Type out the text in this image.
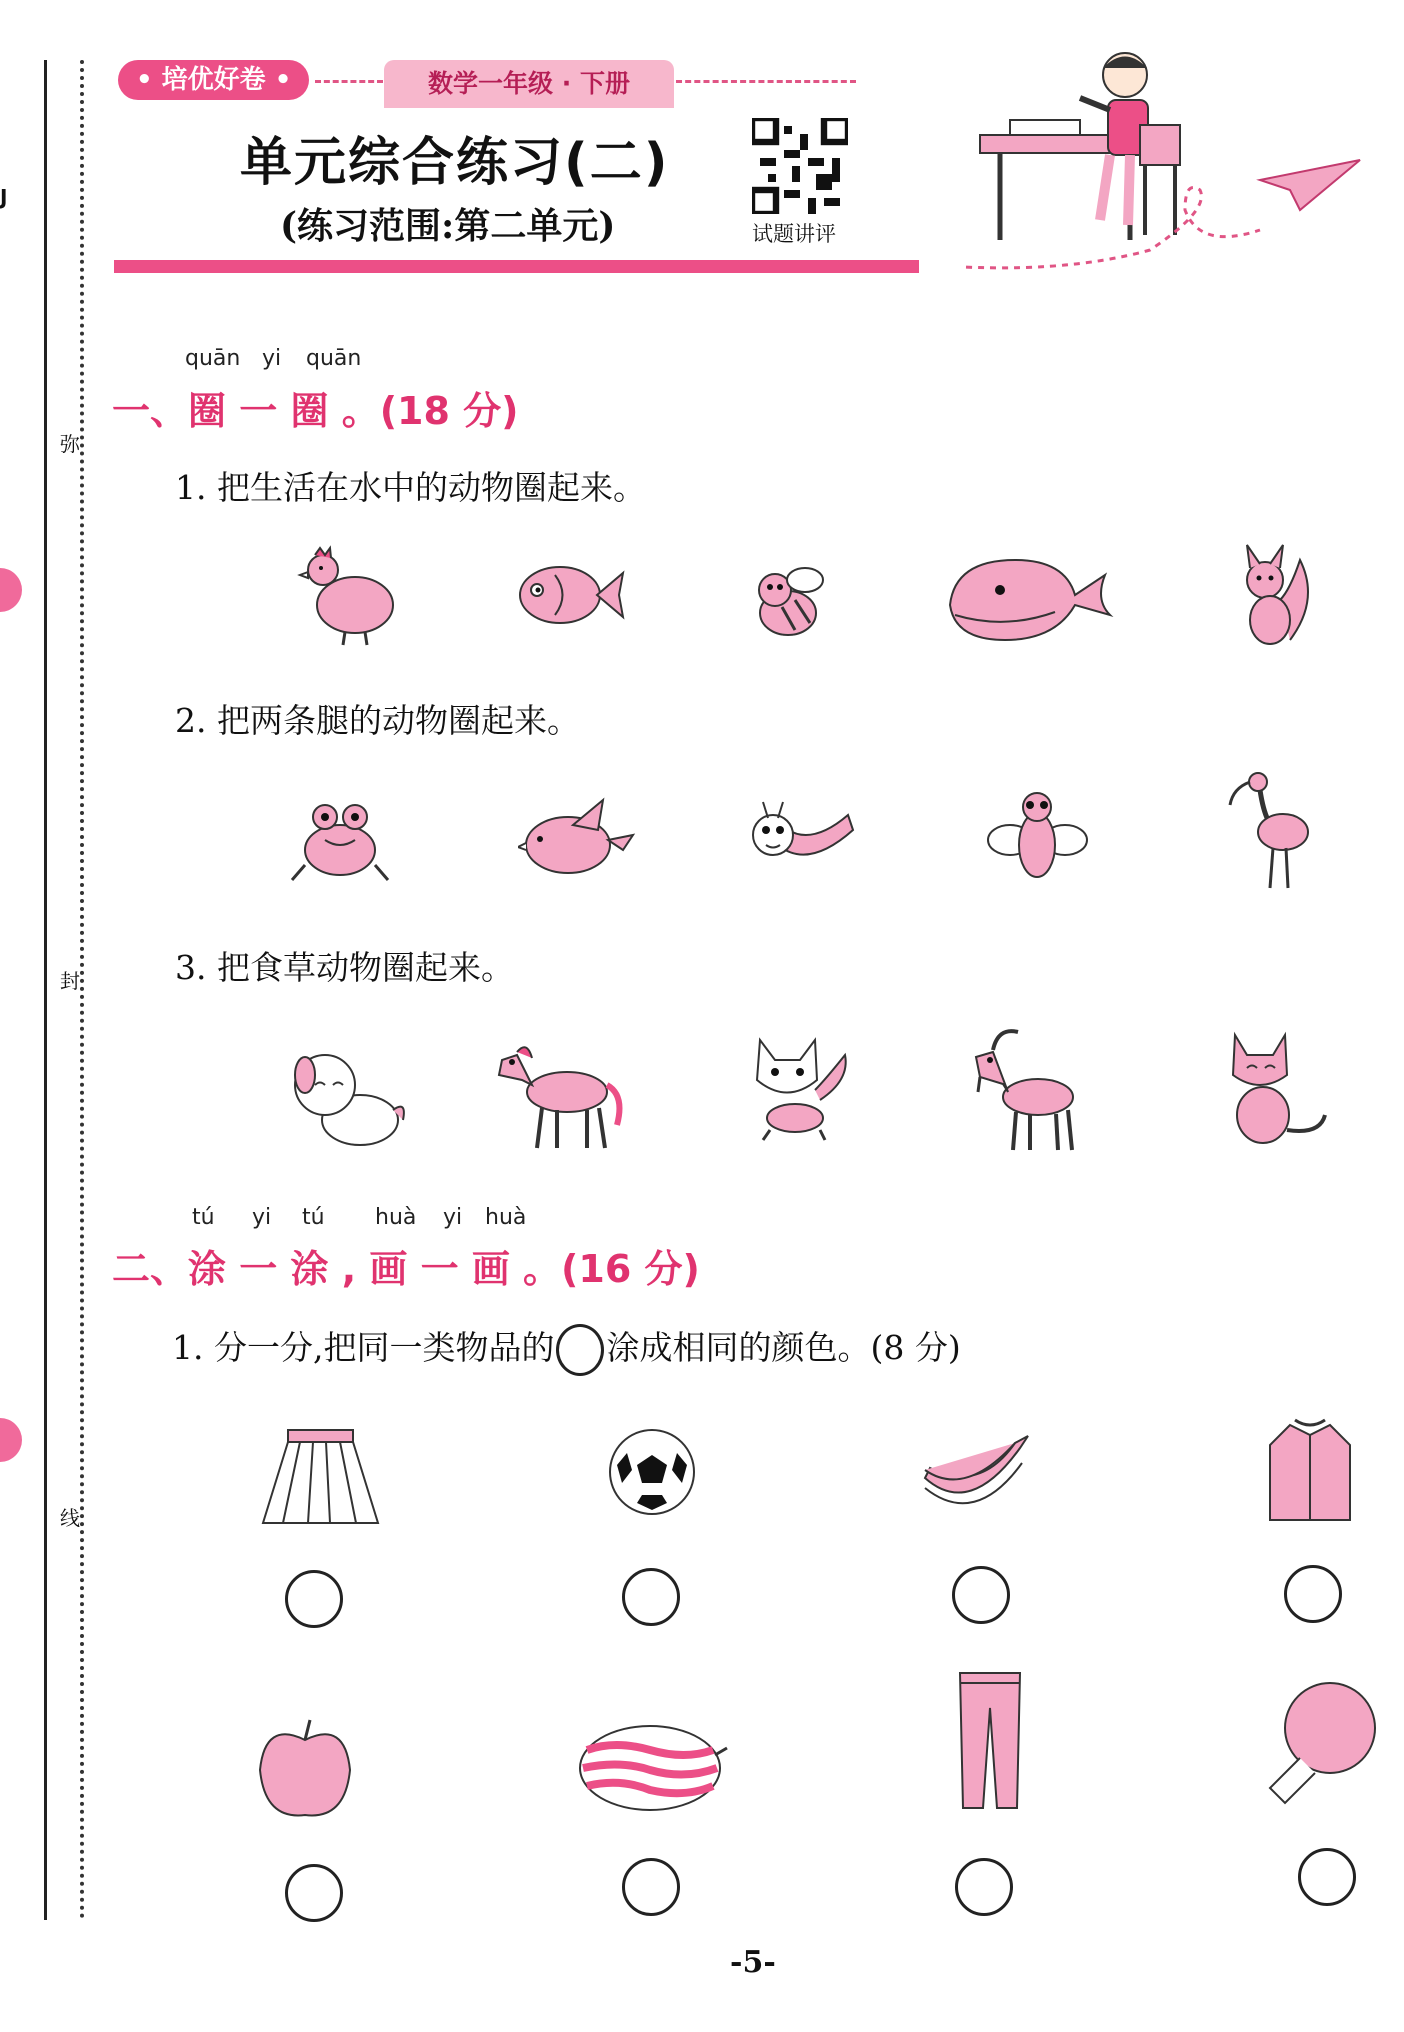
弥
封
线
J
• 培优好卷 •	数学一年级 · 下册
单元综合练习(二)
(练习范围:第二单元)	试题讲评
quān yi quān
一、圈 一 圈 。(18 分)
1. 把生活在水中的动物圈起来。
2. 把两条腿的动物圈起来。
3. 把食草动物圈起来。
tú yi tú huà yi huà
二、涂 一 涂 , 画 一 画 。(16 分)
1. 分一分,把同一类物品的 涂成相同的颜色。(8 分)
-5-
